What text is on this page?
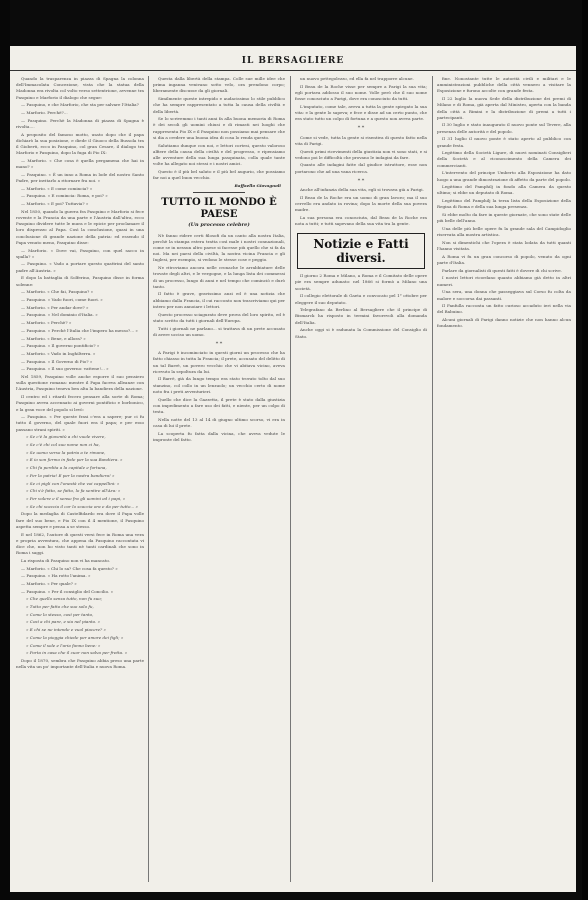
IL BERSAGLIERE

Quando la trasparenza in piazza di Spagna la colonna dell'Immacolata Concezione, vista che la statua della Madonna era rivolta col volto verso settentrione, avvenne tra Pasquino e Marforio il dialogo che segue:

— Pasquino, e che Marforio, che sta per salvare l'Ittalia?

— Marforio. Perchè?...

— Pasquino. Perchè la Madonna di piazza di Spagna è rivolta....

A proposito del famoso motto, usato dopo che il papa dichiarò la sua posizione, e diede il Giuoco della Bussola tra il Gioberti, ecco in Pasquino, col gran Cesare, il dialogo tra Marforio e Pasquino, dopo la fuga di Pio IX:

— Marforio. « Che cosa è quella pergamena che hai in mano? »

— Pasquino. « È un inno a Roma in lode del nostro Santo Padre, per invitarlo a ritornare fra noi. »

— Marforio. « E come comincia? »

— Pasquino. « E comincia: Roma, e poi? »

— Marforio. « E poi? Tuttavia? »

Nel 1850, quando la guerra fra Pasquino e Marforio si fece rovente e la Francia da una parte e l'Austria dall'altra, ecco Pasquino dividere tutte le mura e le epicie per proclamare il loro disprezzo al Papa. Così la conclusione, quasi in una conclusione di grande nazione della patria: ed essendo il Papa venuto meno, Pasquino disse:

— Marforio. « Dove vai, Pasquino, con quel sacco in spalla? »

— Pasquino. « Vado a portare questo quattrini del santo padre all'Austria. »

E dopo la battaglia di Solferino, Pasquino disse in forma solenne:

— Marforio. « Che fai, Pasquino? »

— Pasquino. « Vado fuori, come fuori. »

— Marforio. « Per andar dove? »

— Pasquino. « Nel dominio d'Italia. »

— Marforio. « Perchè? »

— Pasquino. « Perchè l'Italia che l'impero ha messo?... »

— Marforio. « Bene, e allora? »

— Pasquino. « Il governo pontificio? »

— Marforio. « Vado in Inghilterra. »

— Pasquino. « Il Governo di Pio? »

— Pasquino. « Il suo governo: vattene!... »

Nel 1859, Pasquino volle anche esporre il suo pensiero sulla questione romana: mentre il Papa faceva alleanze con l'Austria, Pasquino teneva ben alta la bandiera della nazione.

Il centro ed i ritardi fecero pensare alla sorte di Roma; Pasquino aveva accennato ai governi pontificio e borbonico, e la gran voce del popolo si levò:

— Pasquino. « Per queste frasi c'era a sapere; pur ci fu tutto il governo, del quale fuori era il papa; e per esso passano strani spiriti. »

« Se c'è la gioventù a chi vuole vivere,

« Se c'è chi col suo nome non ci ha,

« Se uomo verso la patria a te rimane,

« E io son fermo in fede per la sua Bandiera. »

« Chi fa perdita a la capitale e fortuna,

« Per la patria! E per la nostra bandiera! »

« Se ci pigli con l'onestà che voi cappellini: »

« Chi s'è fatto, se fatto, lo fa sentire all'Ara: »

« Per volere e il senso fra gli uomini ed i papi, »

« Se chi scaccia il cor lo scaccia ora e da per tutto... »

Dopo la medaglia di Castelfidardo era dove il Papa volle fare del suo bene, e Pio IX con il 4 mentione, il Pasquino aspetta sempre e pensa a se stesso.

E nel 1862, l'autore di questi versi fece in Roma una vera e propria avventura, che appena da Pasquino raccontata vi dice che, non ho visto tanti nè tanti cardinali che sono in Roma i saggi.

La risposta di Pasquino non vi ha mancato.

— Marforio. « Chi lo sa? Che cosa fa questo? »

— Pasquino. « Ha rotto l'anima. »

— Marforio. « Per quale? »

— Pasquino. « Per il consiglio del Concilio. »

« Che quello senza tutto, non fu suo;

« Tutto per fatto che suo solo fu,

« Come lo stesso, così per tanto,

« Così a chi pare, e sia nel pianto. »

« E chi se ne intende e vuol piacere? »

« Come la pioggia chiede per amore dei figli; »

« Come il sole e l'aria fanno bene: »

« Porta in casa che il cuor non salva per fretta. »

Dopo il 1870, sembra che Pasquino abbia preso una parte nella vita un po' importante dell'Italia e nuova Roma.

Questa dalla libertà della stampa. Colle sue mille idee che prima inganna venivano sotto velo, ora prendono corpo; liberamente discusse da gli giornali.

Similmente queste intrepido e audacissimo lo stile pubblico che ha sempre rappresentato a tutta la causa della civiltà e della libertà.

Se lo scrivemmo i tanti anni fa alla buona memoria di Roma è dei secoli gli uomini chiusi e di rimasti nei luoghi che rappresenta Pio IX e il Pasquino non possiamo mai pensare che si dia a credere una buona idea di cosa lo renda questo.

Salutiamo dunque con noi, e lettori cortesi, questo valoroso alfiere della causa della civiltà e del progresso, e ripensiamo alle avventure della sua lunga pasquinata, colla quale tante volte ha allegato noi stessi e i nostri amici.

Questo è il più bel saluto e il più bel augurio, che possiamo far noi a quel buon vecchio.

Raffaello Giovagnoli
TUTTO IL MONDO È PAESE
(Un processo celebre)

Nè fanno ridere certi filosofi da un canto alla nostra Italia, perchè la stampa estera tratta così male i nostri connazionali, come se in nessun altro paese si facesse più quello che si fa da noi. Ma nei paesi della civiltà, la nostra vicina Francia e gli Inglesi, per esempio, si vedono le stesse cose e peggio.

Ne ritroviamo ancora nelle cronache le arrabbiature delle trovate degli altri, e le vergogne, e la lunga lista dei commessi di un processo, lungo di anni e nel tempo che cominciò e durò tanto.

Il fatto è grave, gravissimo anzi ed è una notizia che abbiamo dalla Francia, il cui racconto non trascriviamo qui per intero per non annoiare i lettori.

Questo processo sciagurato deve prova del loro spirito, ed è stato scritto da tutti i giornali dell'Europa.

Tutti i giornali ne parlano... si trattava di un prete accusato di avere ucciso un uomo.

* *

A Parigi è incominciato in questi giorni un processo che ha fatto chiasso in tutta la Francia; il prete, accusato del delitto di un tal Barrè, un povero vecchio che vi abitava vicino, aveva ricevuto la sepoltura da lui.

Il Barrè, già da lungo tempo era stato trovato tolto dal suo stanzino, col collo in un lenzuolo; un vecchio certo di nome noto fra i preti avventurieri.

Quello che dice la Gazzetta, il prete è stato dalla giustizia con impedimento a fare uso dei fatti, e niente, per un colpo di testa.

Nella notte del 13 al 14 di giugno ultimo scorso, vi era in casa di lui il prete.

La scoperta fu fatta dalla vicina, che aveva vedute le impronte del fatto.

un nuovo pettegolezzo, ed ella fa nel trapporre alcune.

Il Beau de la Roche visse per sempre a Parigi la sua vita; egli portava addosso il suo nome. Volle però che il suo nome fosse conosciuto a Parigi, dove era conosciuto da tutti.

L'imputato, come tale, aveva a tutta la gente spiegato la sua vita: e la gente lo sapeva; e fece e disse ad un certo punto, che era stato tutto un colpo di fortuna e a questo non aveva parte.

* *

Come si vede, tutta la gente si risentiva di questo fatto nella vita di Parigi.

Questi primi ricevimenti della giustizia non vi sono stati, e si vedono poi le difficoltà che provano le indagini da fare.

Quanto alle indagini fatte dal giudice istruttore, esse non portarono che ad una vana ricerca.

* *

Anche all'infanzia della sua vita, egli si trovava già a Parigi.

Il Beau de la Roche era un uomo di gran lavoro; ma il suo cervello era andato in rovina; dopo la morte della sua povera madre.

La sua persona era conosciuta, dal Beau de la Roche era nota a tutti; e tutti sapevano della sua vita tra la gente.

Notizie e Fatti diversi.

Il giorno 2 Roma e Milano, a Roma e il Comitato delle opere pie era sempre adunato: nel 1866 si formò a Milano una società.

Il collegio elettorale di Gaeta e convocato pel 1° ottobre per eleggere il suo deputato.

Telegrafano da Berlino al Bersagliere che il principe di Bismarck ha risposto in termini favorevoli alla domanda dell'Italia.

Anche oggi si è radunata la Commissione del Consiglio di Stato.

fine. Nonostante tutte le autorità civili e militari e le amministrazioni pubbliche della città vennero a visitare la Esposizione e furono accolte con grande festa.

Il 22 luglio la nuova Sede della distribuzione dei premi di Milano e di Roma, già aperta dal Ministro, aperta con la banda della città a Rimini e la distribuzione di premi a tutti i partecipanti.

Il 30 luglio e stato inaugurato il nuovo ponte sul Tevere, alla presenza delle autorità e del popolo.

Il 31 luglio il nuovo ponte è stato aperto al pubblico con grande festa.

Legittimo della Società Ligure, di nuovi nominati Consiglieri della Società e al riconoscimento della Camera dei commercianti.

L'intervento del principe Umberto alla Esposizione ha dato luogo a una grande dimostrazione di affetto da parte del popolo.

Legittimo del Pamphilj in fondo alla Camera da questo ultimo; si ebbe un deputato di Roma.

Legittimo del Pamphilj la terza lista della Esposizione della Regina di Roma e della sua lunga presenza.

Si ebbe molto da fare in queste giornate, che sono state delle più belle dell'anno.

Una delle più belle opere fu la grande sala del Campidoglio riservata alla mostra artistica.

Non si dimentichi che l'opera è stata lodata da tutti quanti l'hanno visitata.

A Roma vi fu un gran concorso di popolo, venuto da ogni parte d'Italia.

Parlare da giornalisti di questi fatti è dovere di chi scrive.

I nostri lettori ricordano quanto abbiamo già detto in altri numeri.

Una sera, una donna che passeggiava sul Corso fu colta da malore e soccorsa dai passanti.

Il Fanfulla racconta un fatto curioso accaduto ieri nella via del Babuino.

Alcuni giornali di Parigi danno notizie che non hanno alcun fondamento.
